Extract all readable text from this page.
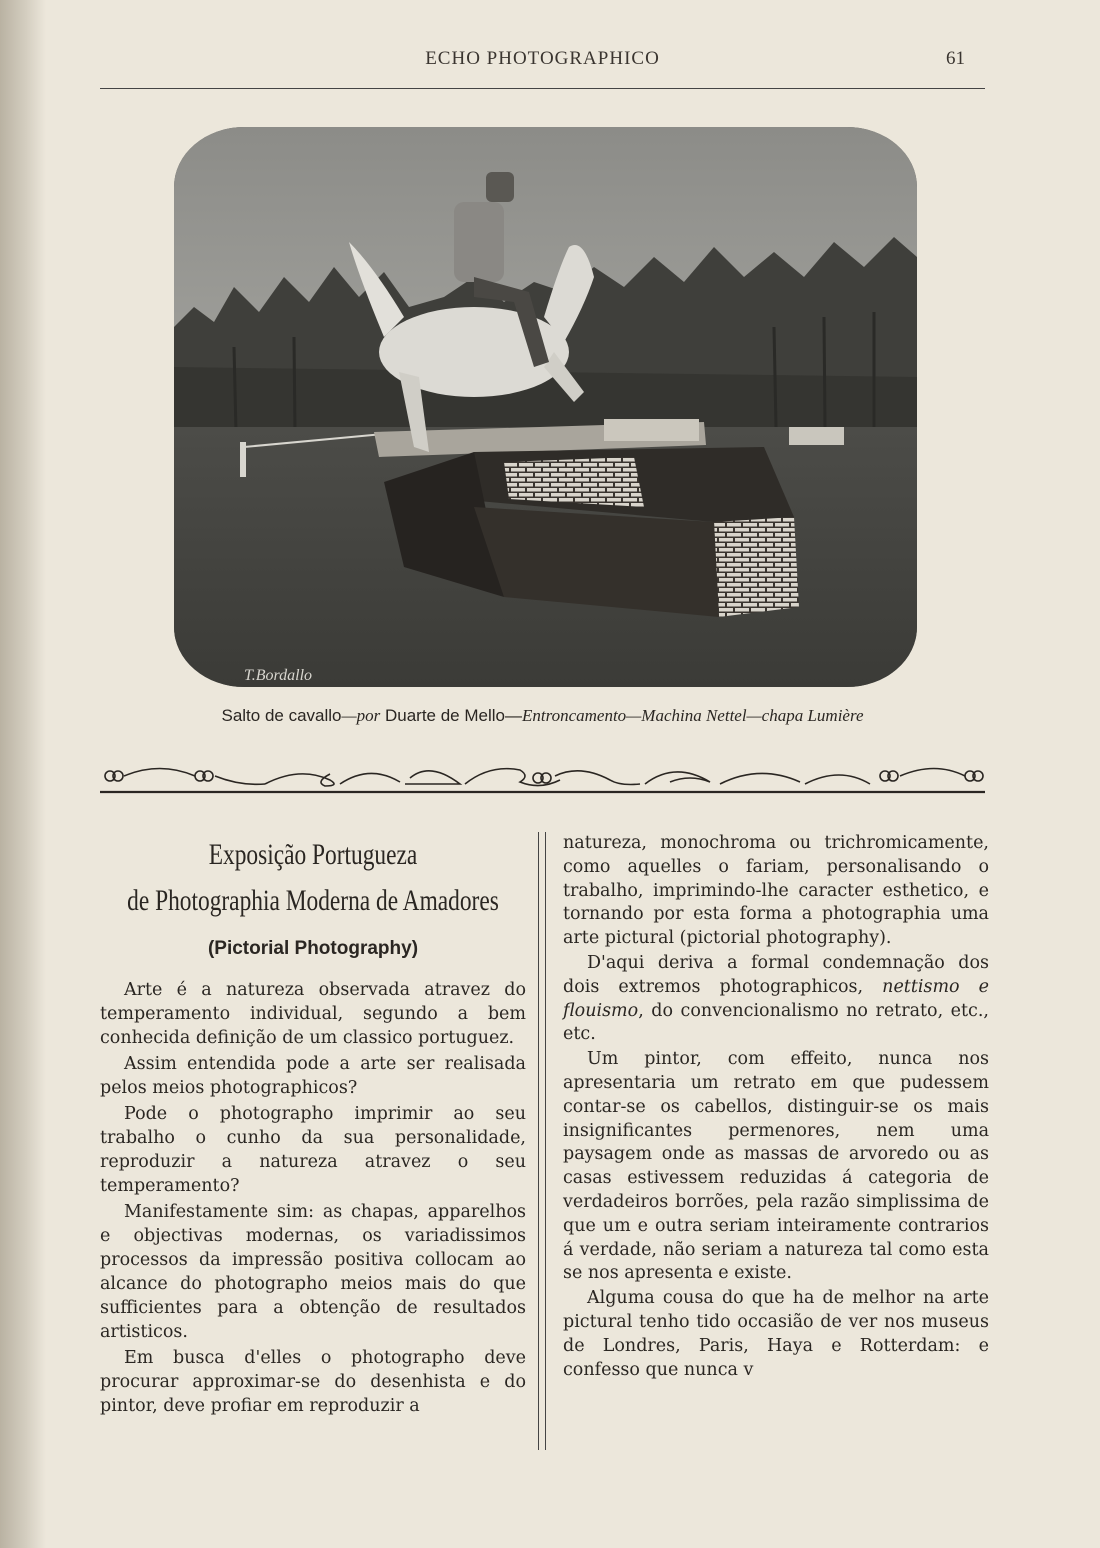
ECHO PHOTOGRAPHICO	61
T.Bordallo
Salto de cavallo—por Duarte de Mello—Entroncamento—Machina Nettel—chapa Lumière
Exposição Portugueza
de Photographia Moderna de Amadores
(Pictorial Photography)

Arte é a natureza observada atravez do temperamento individual, segundo a bem conhecida definição de um classico portuguez.

Assim entendida pode a arte ser realisada pelos meios photographicos?

Pode o photographo imprimir ao seu trabalho o cunho da sua personalidade, reproduzir a natureza atravez o seu temperamento?

Manifestamente sim: as chapas, apparelhos e objectivas modernas, os variadissimos processos da impressão positiva collocam ao alcance do photographo meios mais do que sufficientes para a obtenção de resultados artisticos.

Em busca d'elles o photographo deve procurar approximar-se do desenhista e do pintor, deve profiar em reproduzir a

natureza, monochroma ou trichromicamente, como aquelles o fariam, personalisando o trabalho, imprimindo-lhe caracter esthetico, e tornando por esta forma a photographia uma arte pictural (pictorial photography).

D'aqui deriva a formal condemnação dos dois extremos photographicos, nettismo e flouismo, do convencionalismo no retrato, etc., etc.

Um pintor, com effeito, nunca nos apresentaria um retrato em que pudessem contar-se os cabellos, distinguir-se os mais insignificantes permenores, nem uma paysagem onde as massas de arvoredo ou as casas estivessem reduzidas á categoria de verdadeiros borrões, pela razão simplissima de que um e outra seriam inteiramente contrarios á verdade, não seriam a natureza tal como esta se nos apresenta e existe.

Alguma cousa do que ha de melhor na arte pictural tenho tido occasião de ver nos museus de Londres, Paris, Haya e Rotterdam: e confesso que nunca v
